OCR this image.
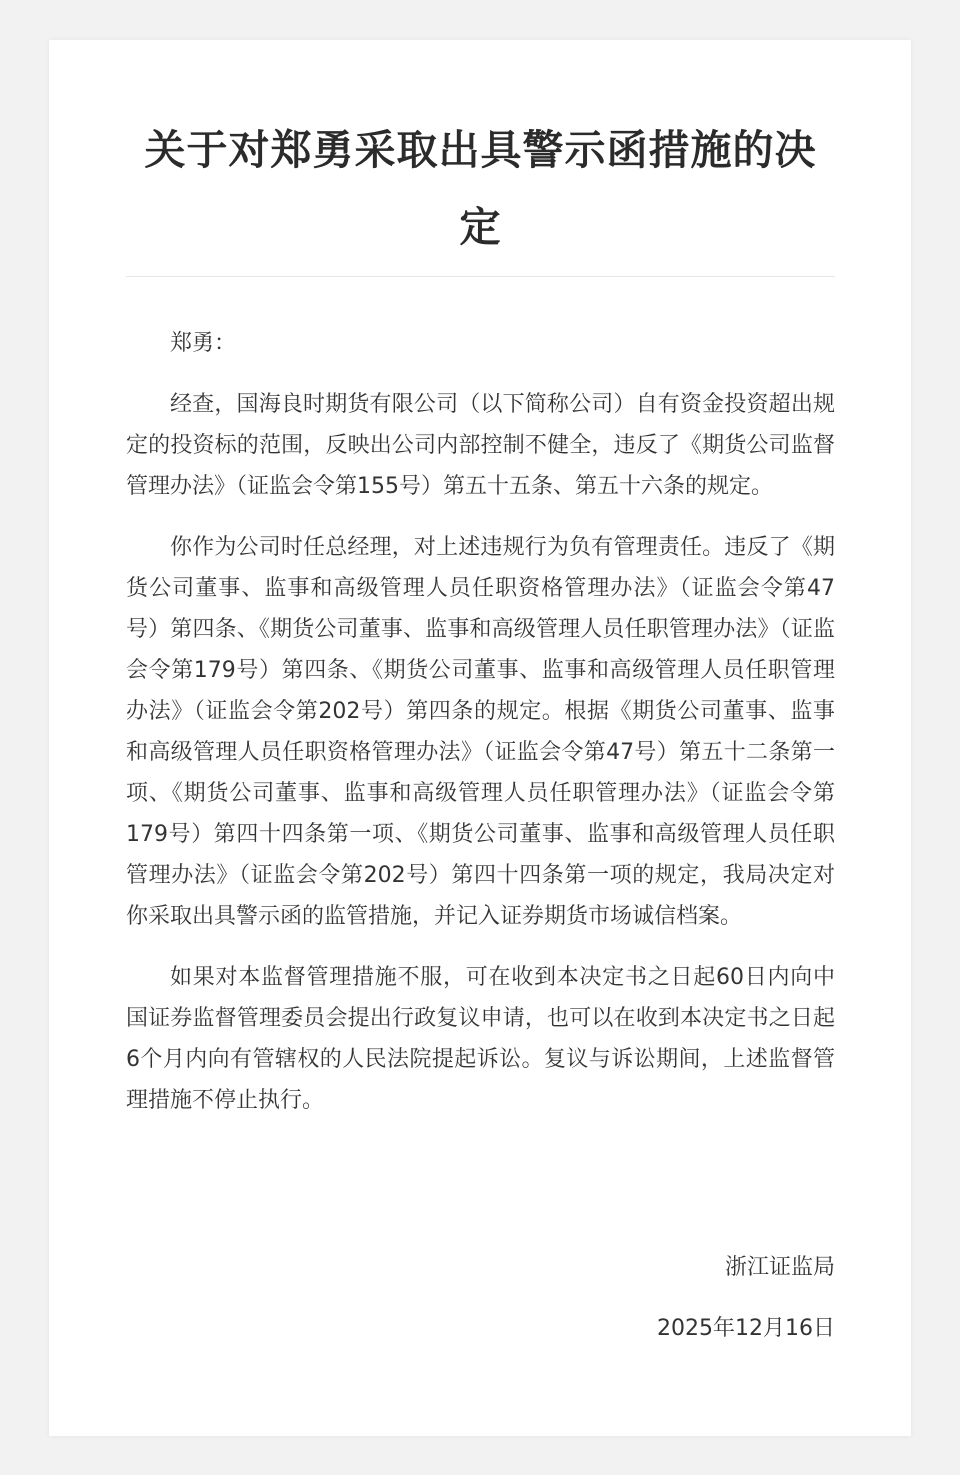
关于对郑勇采取出具警示函措施的决定

郑勇：

经查，国海良时期货有限公司（以下简称公司）自有资金投资超出规定的投资标的范围，反映出公司内部控制不健全，违反了《期货公司监督管理办法》（证监会令第155号）第五十五条、第五十六条的规定。

你作为公司时任总经理，对上述违规行为负有管理责任。违反了《期货公司董事、监事和高级管理人员任职资格管理办法》（证监会令第47号）第四条、《期货公司董事、监事和高级管理人员任职管理办法》（证监会令第179号）第四条、《期货公司董事、监事和高级管理人员任职管理办法》（证监会令第202号）第四条的规定。根据《期货公司董事、监事和高级管理人员任职资格管理办法》（证监会令第47号）第五十二条第一项、《期货公司董事、监事和高级管理人员任职管理办法》（证监会令第179号）第四十四条第一项、《期货公司董事、监事和高级管理人员任职管理办法》（证监会令第202号）第四十四条第一项的规定，我局决定对你采取出具警示函的监管措施，并记入证券期货市场诚信档案。

如果对本监督管理措施不服，可在收到本决定书之日起60日内向中国证券监督管理委员会提出行政复议申请，也可以在收到本决定书之日起6个月内向有管辖权的人民法院提起诉讼。复议与诉讼期间，上述监督管理措施不停止执行。

浙江证监局
2025年12月16日
